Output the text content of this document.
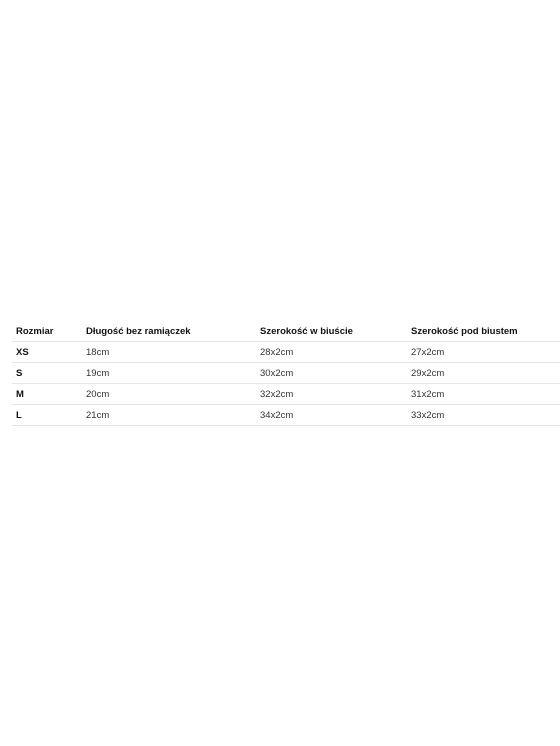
Rozmiar	Długość bez ramiączek	Szerokość w biuście	Szerokość pod biustem
XS	18cm	28x2cm	27x2cm
S	19cm	30x2cm	29x2cm
M	20cm	32x2cm	31x2cm
L	21cm	34x2cm	33x2cm
